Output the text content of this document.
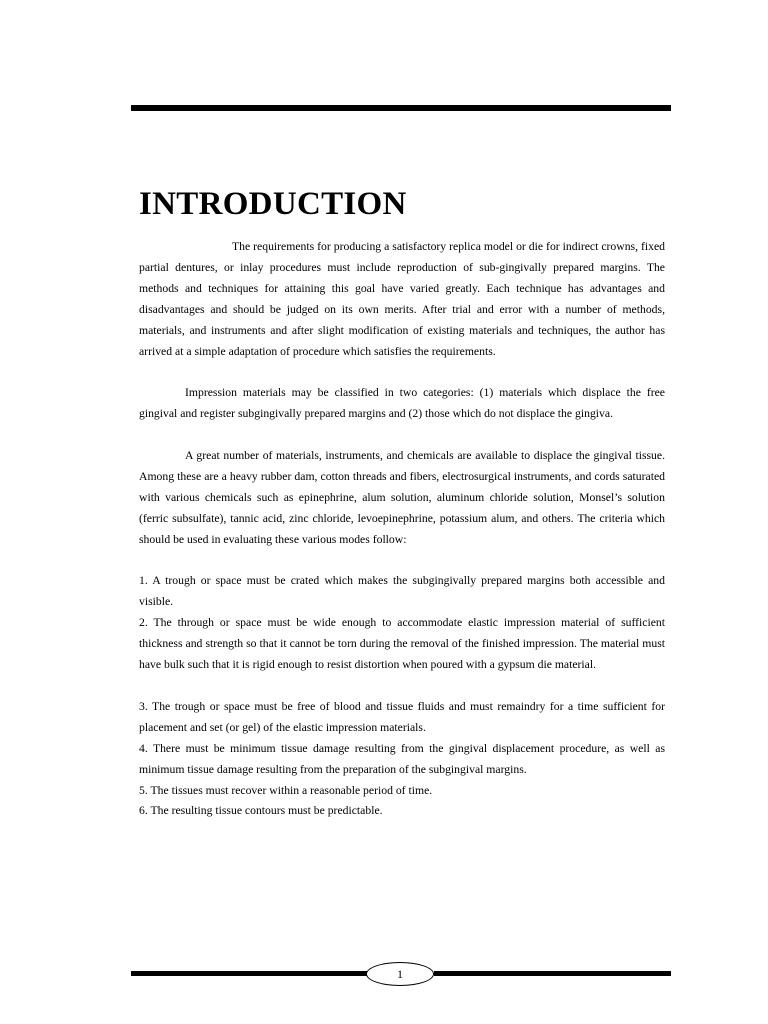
INTRODUCTION

The requirements for producing a satisfactory replica model or die for indirect crowns, fixed partial dentures, or inlay procedures must include reproduction of sub-gingivally prepared margins. The methods and techniques for attaining this goal have varied greatly. Each technique has advantages and disadvantages and should be judged on its own merits. After trial and error with a number of methods, materials, and instruments and after slight modification of existing materials and techniques, the author has arrived at a simple adaptation of procedure which satisfies the requirements.

Impression materials may be classified in two categories: (1) materials which displace the free gingival and register subgingivally prepared margins and (2) those which do not displace the gingiva.

A great number of materials, instruments, and chemicals are available to displace the gingival tissue. Among these are a heavy rubber dam, cotton threads and fibers, electrosurgical instruments, and cords saturated with various chemicals such as epinephrine, alum solution, aluminum chloride solution, Monsel’s solution (ferric subsulfate), tannic acid, zinc chloride, levoepinephrine, potassium alum, and others. The criteria which should be used in evaluating these various modes follow:

1. A trough or space must be crated which makes the subgingivally prepared margins both accessible and visible.

2. The through or space must be wide enough to accommodate elastic impression material of sufficient thickness and strength so that it cannot be torn during the removal of the finished impression. The material must have bulk such that it is rigid enough to resist distortion when poured with a gypsum die material.

3. The trough or space must be free of blood and tissue fluids and must remaindry for a time sufficient for placement and set (or gel) of the elastic impression materials.

4. There must be minimum tissue damage resulting from the gingival displacement procedure, as well as minimum tissue damage resulting from the preparation of the subgingival margins.

5. The tissues must recover within a reasonable period of time.

6. The resulting tissue contours must be predictable.

1
